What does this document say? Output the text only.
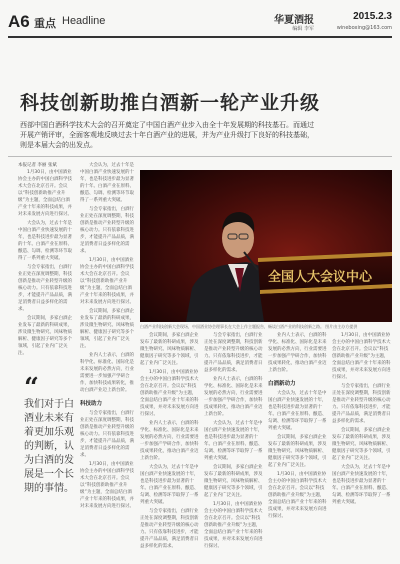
A6 重点 Headline	华夏酒报	2015.2.3
编辑 李军	wineboxing@163.com
科技创新助推白酒新一轮产业升级
西部中国白酒科学技术大会的召开奠定了中国白酒产业步入由全十年发展期的科技基石。而通过开展产销评审，全面客观地反映过去十年白酒产业的进展，并为产业升级打下良好的科技基础，则是本届大会的出发点。
本报记者 李丽 张斌

1月30日，由中国酒业协会主办的中国白酒科学技术大会在北京召开。会议以“科技创新助推产业升级”为主题，全面总结白酒产业十年来的科技成果，并对未来发展方向进行探讨。

大会认为，过去十年是中国白酒产业快速发展的十年，也是科技进步最为显著的十年。白酒产业在原料、酿造、勾调、检测等环节取得了一系列重大突破。

与会专家指出，白酒行业正处在深度调整期，科技创新是推动产业转型升级的核心动力。只有依靠科技进步，才能提升产品品质，满足消费者日益多样化的需求。

会议期间，多家白酒企业发布了最新的科研成果，涉及微生物研究、风味物质解析、健康因子研究等多个领域，引起了业内广泛关注。

大会认为，过去十年是中国白酒产业快速发展的十年，也是科技进步最为显著的十年。白酒产业在原料、酿造、勾调、检测等环节取得了一系列重大突破。

与会专家指出，白酒行业正处在深度调整期，科技创新是推动产业转型升级的核心动力。只有依靠科技进步，才能提升产品品质，满足消费者日益多样化的需求。

1月30日，由中国酒业协会主办的中国白酒科学技术大会在北京召开。会议以“科技创新助推产业升级”为主题，全面总结白酒产业十年来的科技成果，并对未来发展方向进行探讨。

会议期间，多家白酒企业发布了最新的科研成果，涉及微生物研究、风味物质解析、健康因子研究等多个领域，引起了业内广泛关注。

业内人士表示，白酒的科学化、标准化、国际化是未来发展的必然方向，行业需要进一步加强产学研合作，加快科技成果转化，推动白酒产业迈上新台阶。

科技助力

与会专家指出，白酒行业正处在深度调整期，科技创新是推动产业转型升级的核心动力。只有依靠科技进步，才能提升产品品质，满足消费者日益多样化的需求。

1月30日，由中国酒业协会主办的中国白酒科学技术大会在北京召开。会议以“科技创新助推产业升级”为主题，全面总结白酒产业十年来的科技成果，并对未来发展方向进行探讨。

“
我们对于白酒业未来有着更加乐观的判断，认为白酒的发展是一个长期的事情。
全国人大会议中心
白酒产业科技创新大会现场，中国酒业协会理事长在大会上作主题报告，畅谈白酒产业的科技创新之路。 图片由主办方提供

会议期间，多家白酒企业发布了最新的科研成果，涉及微生物研究、风味物质解析、健康因子研究等多个领域，引起了业内广泛关注。

1月30日，由中国酒业协会主办的中国白酒科学技术大会在北京召开。会议以“科技创新助推产业升级”为主题，全面总结白酒产业十年来的科技成果，并对未来发展方向进行探讨。

业内人士表示，白酒的科学化、标准化、国际化是未来发展的必然方向，行业需要进一步加强产学研合作，加快科技成果转化，推动白酒产业迈上新台阶。

大会认为，过去十年是中国白酒产业快速发展的十年，也是科技进步最为显著的十年。白酒产业在原料、酿造、勾调、检测等环节取得了一系列重大突破。

与会专家指出，白酒行业正处在深度调整期，科技创新是推动产业转型升级的核心动力。只有依靠科技进步，才能提升产品品质，满足消费者日益多样化的需求。

与会专家指出，白酒行业正处在深度调整期，科技创新是推动产业转型升级的核心动力。只有依靠科技进步，才能提升产品品质，满足消费者日益多样化的需求。

业内人士表示，白酒的科学化、标准化、国际化是未来发展的必然方向，行业需要进一步加强产学研合作，加快科技成果转化，推动白酒产业迈上新台阶。

大会认为，过去十年是中国白酒产业快速发展的十年，也是科技进步最为显著的十年。白酒产业在原料、酿造、勾调、检测等环节取得了一系列重大突破。

会议期间，多家白酒企业发布了最新的科研成果，涉及微生物研究、风味物质解析、健康因子研究等多个领域，引起了业内广泛关注。

1月30日，由中国酒业协会主办的中国白酒科学技术大会在北京召开。会议以“科技创新助推产业升级”为主题，全面总结白酒产业十年来的科技成果，并对未来发展方向进行探讨。

业内人士表示，白酒的科学化、标准化、国际化是未来发展的必然方向，行业需要进一步加强产学研合作，加快科技成果转化，推动白酒产业迈上新台阶。

白酒新动力

大会认为，过去十年是中国白酒产业快速发展的十年，也是科技进步最为显著的十年。白酒产业在原料、酿造、勾调、检测等环节取得了一系列重大突破。

会议期间，多家白酒企业发布了最新的科研成果，涉及微生物研究、风味物质解析、健康因子研究等多个领域，引起了业内广泛关注。

1月30日，由中国酒业协会主办的中国白酒科学技术大会在北京召开。会议以“科技创新助推产业升级”为主题，全面总结白酒产业十年来的科技成果，并对未来发展方向进行探讨。

1月30日，由中国酒业协会主办的中国白酒科学技术大会在北京召开。会议以“科技创新助推产业升级”为主题，全面总结白酒产业十年来的科技成果，并对未来发展方向进行探讨。

与会专家指出，白酒行业正处在深度调整期，科技创新是推动产业转型升级的核心动力。只有依靠科技进步，才能提升产品品质，满足消费者日益多样化的需求。

会议期间，多家白酒企业发布了最新的科研成果，涉及微生物研究、风味物质解析、健康因子研究等多个领域，引起了业内广泛关注。

大会认为，过去十年是中国白酒产业快速发展的十年，也是科技进步最为显著的十年。白酒产业在原料、酿造、勾调、检测等环节取得了一系列重大突破。
